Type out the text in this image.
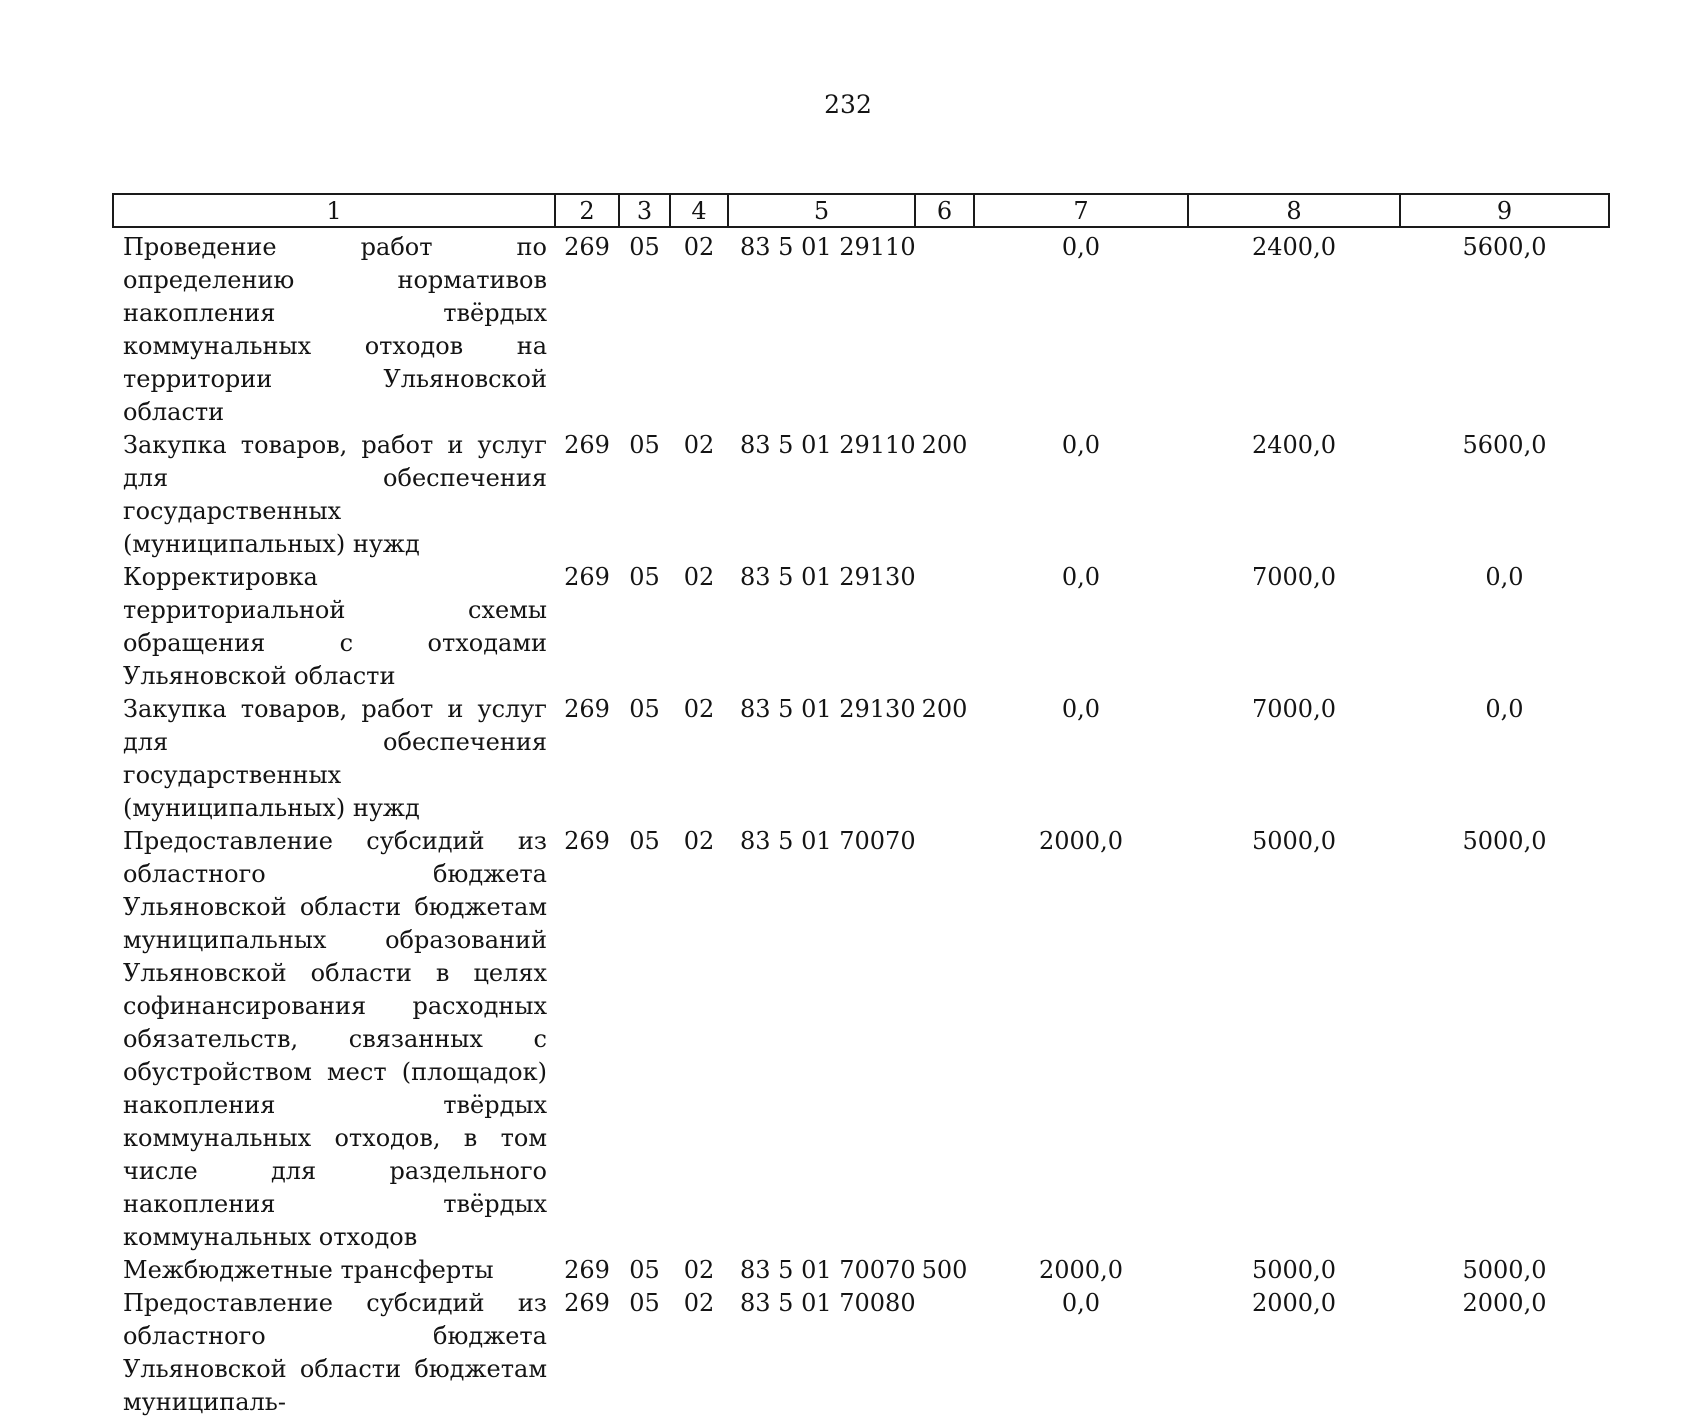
232
1	2	3	4	5	6	7	8	9
Проведение работ по определению нормативов накопления твёрдых коммунальных отходов на территории Ульяновской области	269	05	02	83 5 01 29110		0,0	2400,0	5600,0
Закупка товаров, работ и услуг для обеспечения государственных (муниципальных) нужд	269	05	02	83 5 01 29110	200	0,0	2400,0	5600,0
Корректировка территориальной схемы обращения с отходами Ульяновской области	269	05	02	83 5 01 29130		0,0	7000,0	0,0
Закупка товаров, работ и услуг для обеспечения государственных (муниципальных) нужд	269	05	02	83 5 01 29130	200	0,0	7000,0	0,0
Предоставление субсидий из областного бюджета Ульяновской области бюджетам муниципальных образований Ульяновской области в целях софинансирования расходных обязательств, связанных с обустройством мест (площадок) накопления твёрдых коммунальных отходов, в том числе для раздельного накопления твёрдых коммунальных отходов	269	05	02	83 5 01 70070		2000,0	5000,0	5000,0
Межбюджетные трансферты	269	05	02	83 5 01 70070	500	2000,0	5000,0	5000,0
Предоставление субсидий из областного бюджета Ульяновской области бюджетам муниципаль-	269	05	02	83 5 01 70080		0,0	2000,0	2000,0
